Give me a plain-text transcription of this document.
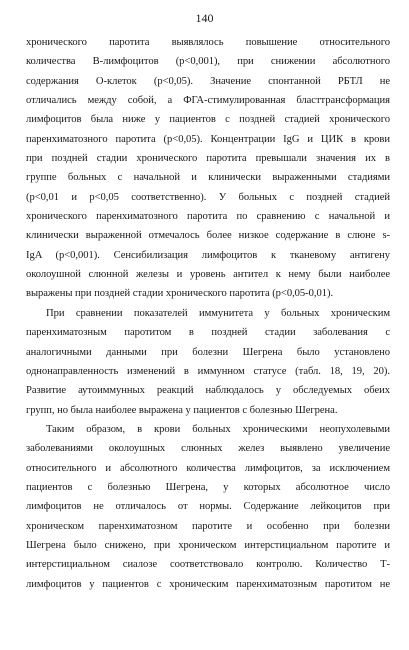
140
хронического паротита выявлялось повышение относительного
количества B-лимфоцитов (р<0,001), при снижении абсолютного
содержания О-клеток (р<0,05). Значение спонтанной РБТЛ не
отличались между собой, а ФГА-стимулированная бласттрансформация
лимфоцитов была ниже у пациентов с поздней стадией хронического
паренхиматозного паротита (р<0,05). Концентрации IgG и ЦИК в крови
при поздней стадии хронического паротита превышали значения их в
группе больных с начальной и клинически выраженными стадиями
(р<0,01 и р<0,05 соответственно). У больных с поздней стадией
хронического паренхиматозного паротита по сравнению с начальной и
клинически выраженной отмечалось более низкое содержание в слюне s-
IgA (р<0,001). Сенсибилизация лимфоцитов к тканевому антигену
околоушной слюнной железы и уровень антител к нему были наиболее
выражены при поздней стадии хронического паротита (р<0,05-0,01).
При сравнении показателей иммунитета у больных хроническим
паренхиматозным паротитом в поздней стадии заболевания с
аналогичными данными при болезни Шегрена было установлено
однонаправленность изменений в иммунном статусе (табл. 18, 19, 20).
Развитие аутоиммунных реакций наблюдалось у обследуемых обеих
групп, но была наиболее выражена у пациентов с болезнью Шегрена.
Таким образом, в крови больных хроническими неопухолевыми
заболеваниями околоушных слюнных желез выявлено увеличение
относительного и абсолютного количества лимфоцитов, за исключением
пациентов с болезнью Шегрена, у которых абсолютное число
лимфоцитов не отличалось от нормы. Содержание лейкоцитов при
хроническом паренхиматозном паротите и особенно при болезни
Шегрена было снижено, при хроническом интерстициальном паротите и
интерстициальном сиалозе соответствовало контролю. Количество Т-
лимфоцитов у пациентов с хроническим паренхиматозным паротитом не
